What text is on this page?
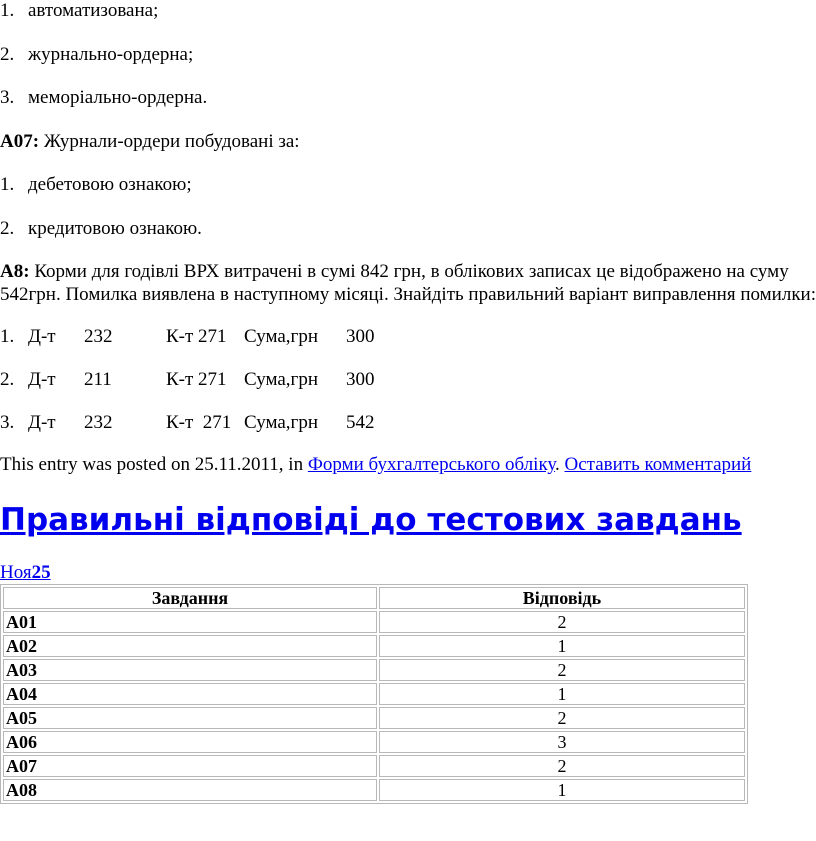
1. автоматизована;
2. журнально-ордерна;
3. меморіально-ордерна.
А07: Журнали-ордери побудовані за:
1. дебетовою ознакою;
2. кредитовою ознакою.
А8: Корми для годівлі ВРХ витрачені в сумі 842 грн, в облікових записах це відображено на суму
542грн. Помилка виявлена в наступному місяці. Знайдіть правильний варіант виправлення помилки:
1. Д-т 232	К-т 271 Сума,грн 300
2. Д-т 211	К-т 271 Сума,грн 300
3. Д-т 232	К-т  271 Сума,грн 542
This entry was posted on 25.11.2011, in Форми бухгалтерського обліку. Оставить комментарий
Правильні відповіді до тестових завдань
Ноя25
Завдання	Відповідь
А01	2
А02	1
А03	2
А04	1
А05	2
А06	3
А07	2
А08	1
